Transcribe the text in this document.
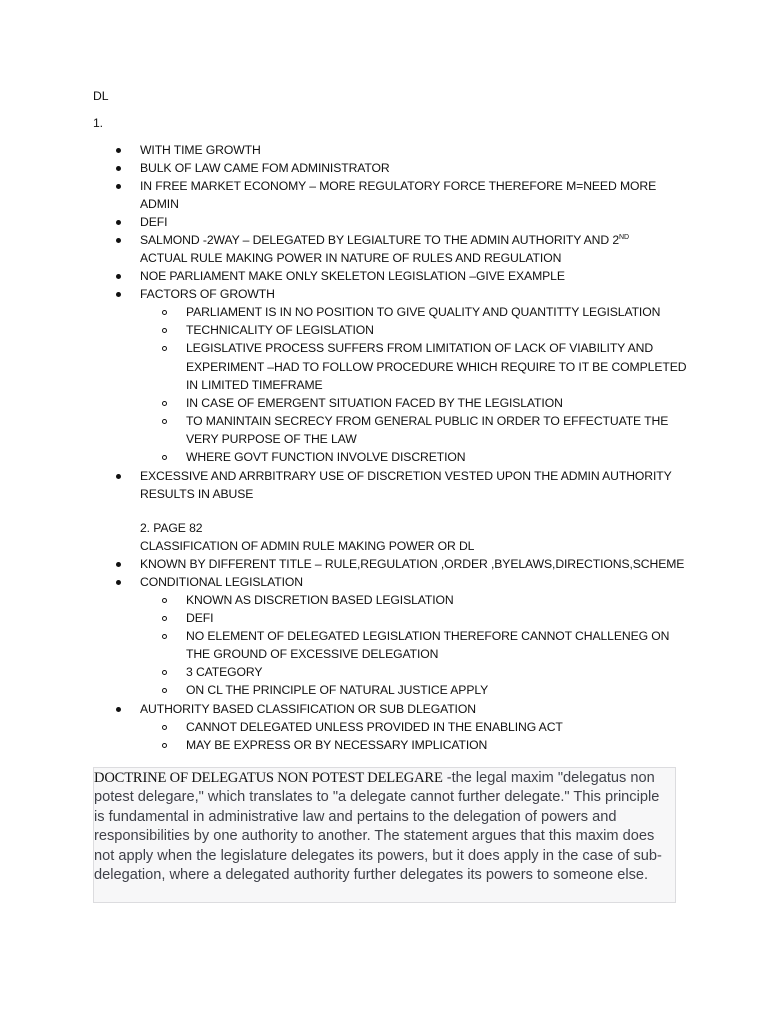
DL
1.
WITH TIME GROWTH
BULK OF LAW CAME FOM ADMINISTRATOR
IN FREE MARKET ECONOMY – MORE REGULATORY FORCE THEREFORE M=NEED MORE
ADMIN
DEFI
SALMOND -2WAY – DELEGATED BY LEGIALTURE TO THE ADMIN AUTHORITY AND 2ND
ACTUAL RULE MAKING POWER IN NATURE OF RULES AND REGULATION
NOE PARLIAMENT MAKE ONLY SKELETON LEGISLATION –GIVE EXAMPLE
FACTORS OF GROWTH
PARLIAMENT IS IN NO POSITION TO GIVE QUALITY AND QUANTITTY LEGISLATION
TECHNICALITY OF LEGISLATION
LEGISLATIVE PROCESS SUFFERS FROM LIMITATION OF LACK OF VIABILITY AND
EXPERIMENT –HAD TO FOLLOW PROCEDURE WHICH REQUIRE TO IT BE COMPLETED
IN LIMITED TIMEFRAME
IN CASE OF EMERGENT SITUATION FACED BY THE LEGISLATION
TO MANINTAIN SECRECY FROM GENERAL PUBLIC IN ORDER TO EFFECTUATE THE
VERY PURPOSE OF THE LAW
WHERE GOVT FUNCTION INVOLVE DISCRETION
EXCESSIVE AND ARRBITRARY USE OF DISCRETION VESTED UPON THE ADMIN AUTHORITY
RESULTS IN ABUSE
2. PAGE 82
CLASSIFICATION OF ADMIN RULE MAKING POWER OR DL
KNOWN BY DIFFERENT TITLE – RULE,REGULATION ,ORDER ,BYELAWS,DIRECTIONS,SCHEME
CONDITIONAL LEGISLATION
KNOWN AS DISCRETION BASED LEGISLATION
DEFI
NO ELEMENT OF DELEGATED LEGISLATION THEREFORE CANNOT CHALLENEG ON
THE GROUND OF EXCESSIVE DELEGATION
3 CATEGORY
ON CL THE PRINCIPLE OF NATURAL JUSTICE APPLY
AUTHORITY BASED CLASSIFICATION OR SUB DLEGATION
CANNOT DELEGATED UNLESS PROVIDED IN THE ENABLING ACT
MAY BE EXPRESS OR BY NECESSARY IMPLICATION

DOCTRINE OF DELEGATUS NON POTEST DELEGARE -the legal maxim "delegatus non potest delegare," which translates to "a delegate cannot further delegate." This principle is fundamental in administrative law and pertains to the delegation of powers and responsibilities by one authority to another. The statement argues that this maxim does not apply when the legislature delegates its powers, but it does apply in the case of sub-delegation, where a delegated authority further delegates its powers to someone else.
